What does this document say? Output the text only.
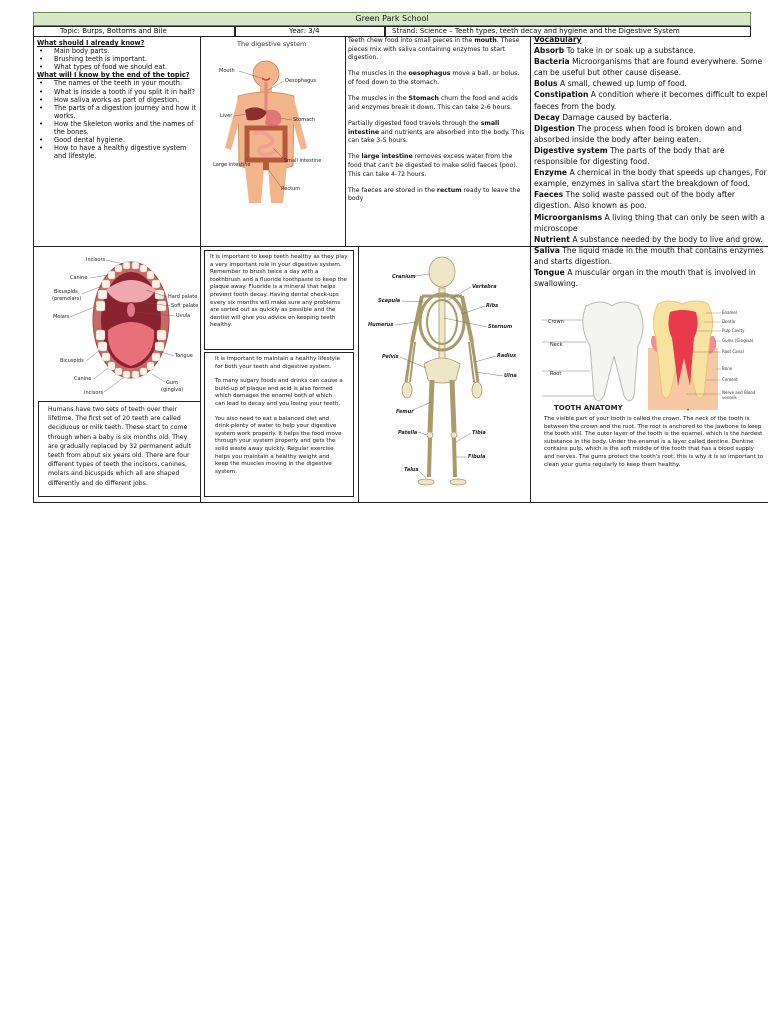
Green Park School
Topic: Burps, Bottoms and Bile	Year: 3/4	Strand: Science – Teeth types, teeth decay and hygiene and the Digestive System
What should I already know?
• Main body parts.
• Brushing teeth is important.
• What types of food we should eat.
What will I know by the end of the topic?
• The names of the teeth in your mouth.
• What is inside a tooth if you split it in half?
• How saliva works as part of digestion.
• The parts of a digestion journey and how it works.
• How the Skeleton works and the names of the bones.
• Good dental hygiene.
• How to have a healthy digestive system and lifestyle.
The digestive system
Mouth
Oesophagus
Liver
Stomach
Large intestine
Small intestine
Rectum

Teeth chew food into small pieces in the mouth. These pieces mix with saliva containing enzymes to start digestion.

The muscles in the oesophagus move a ball, or bolus, of food down to the stomach.

The muscles in the Stomach churn the food and acids and enzymes break it down. This can take 2-6 hours.

Partially digested food travels through the small intestine and nutrients are absorbed into the body. This can take 3-5 hours.

The large intestine removes excess water from the food that can't be digested to make solid faeces (poo). This can take 4-72 hours.

The faeces are stored in the rectum ready to leave the body

Vocabulary
Absorb To take in or soak up a substance.
Bacteria Microorganisms that are found everywhere. Some can be useful but other cause disease.
Bolus A small, chewed up lump of food.
Constipation A condition where it becomes difficult to expel faeces from the body.
Decay Damage caused by bacteria.
Digestion The process when food is broken down and absorbed inside the body after being eaten.
Digestive system The parts of the body that are responsible for digesting food.
Enzyme A chemical in the body that speeds up changes, For example, enzymes in saliva start the breakdown of food.
Faeces The solid waste passed out of the body after digestion. Also known as poo.
Microorganisms A living thing that can only be seen with a microscope
Nutrient A substance needed by the body to live and grow.
Saliva The liquid made in the mouth that contains enzymes and starts digestion.
Tongue A muscular organ in the mouth that is involved in swallowing.
Incisors
Canine
Bicuspids
(premolars)
Molars
Hard palate
Soft palate
Uvula
Tongue
Bicuspids
Canine
Incisors
Gum
(gingiva)
It is important to keep teeth healthy as they play a very important role in your digestive system. Remember to brush twice a day with a toothbrush and a fluoride toothpaste to keep the plaque away. Fluoride is a mineral that helps prevent tooth decay. Having dental check-ups every six months will make sure any problems are sorted out as quickly as possible and the dentist will give you advice on keeping teeth healthy.

It is important to maintain a healthy lifestyle for both your teeth and digestive system.

To many sugary foods and drinks can cause a build-up of plaque and acid is also formed which damages the enamel both of which can lead to decay and you losing your teeth.

You also need to eat a balanced diet and drink plenty of water to help your digestive system work properly. It helps the food move through your system properly and gets the solid waste away quickly. Regular exercise helps you maintain a healthy weight and keep the muscles moving in the digestive system.

Humans have two sets of teeth over their lifetime. The first set of 20 teeth are called deciduous or milk teeth. These start to come through when a baby is six months old. They are gradually replaced by 32 permanent adult teeth from about six years old. There are four different types of teeth the incisors, canines, molars and bicuspids which all are shaped differently and do different jobs.
Cranium
Vertebra
Scapula
Ribs
Humerus	Sternum
Pelvis	Radius
Ulna
Femur
Patella	Tibia
Fibula
Talus
Crown
Neck
Root
•
Enamel
Dentin
Pulp Cavity
Gums (Gingiva)
Root Canal
Bone
Cement
Nerve and Blood
vessels
TOOTH ANATOMY
The visible part of your tooth is called the crown. The neck of the tooth is between the crown and the root. The root is anchored to the jawbone to keep the tooth still. The outer layer of the tooth is the enamel, which is the hardest substance in the body. Under the enamel is a layer called dentine. Dentine contains pulp, which is the soft middle of the tooth that has a blood supply and nerves. The gums protect the tooth's root, this is why it is so important to clean your gums regularly to keep them healthy.
